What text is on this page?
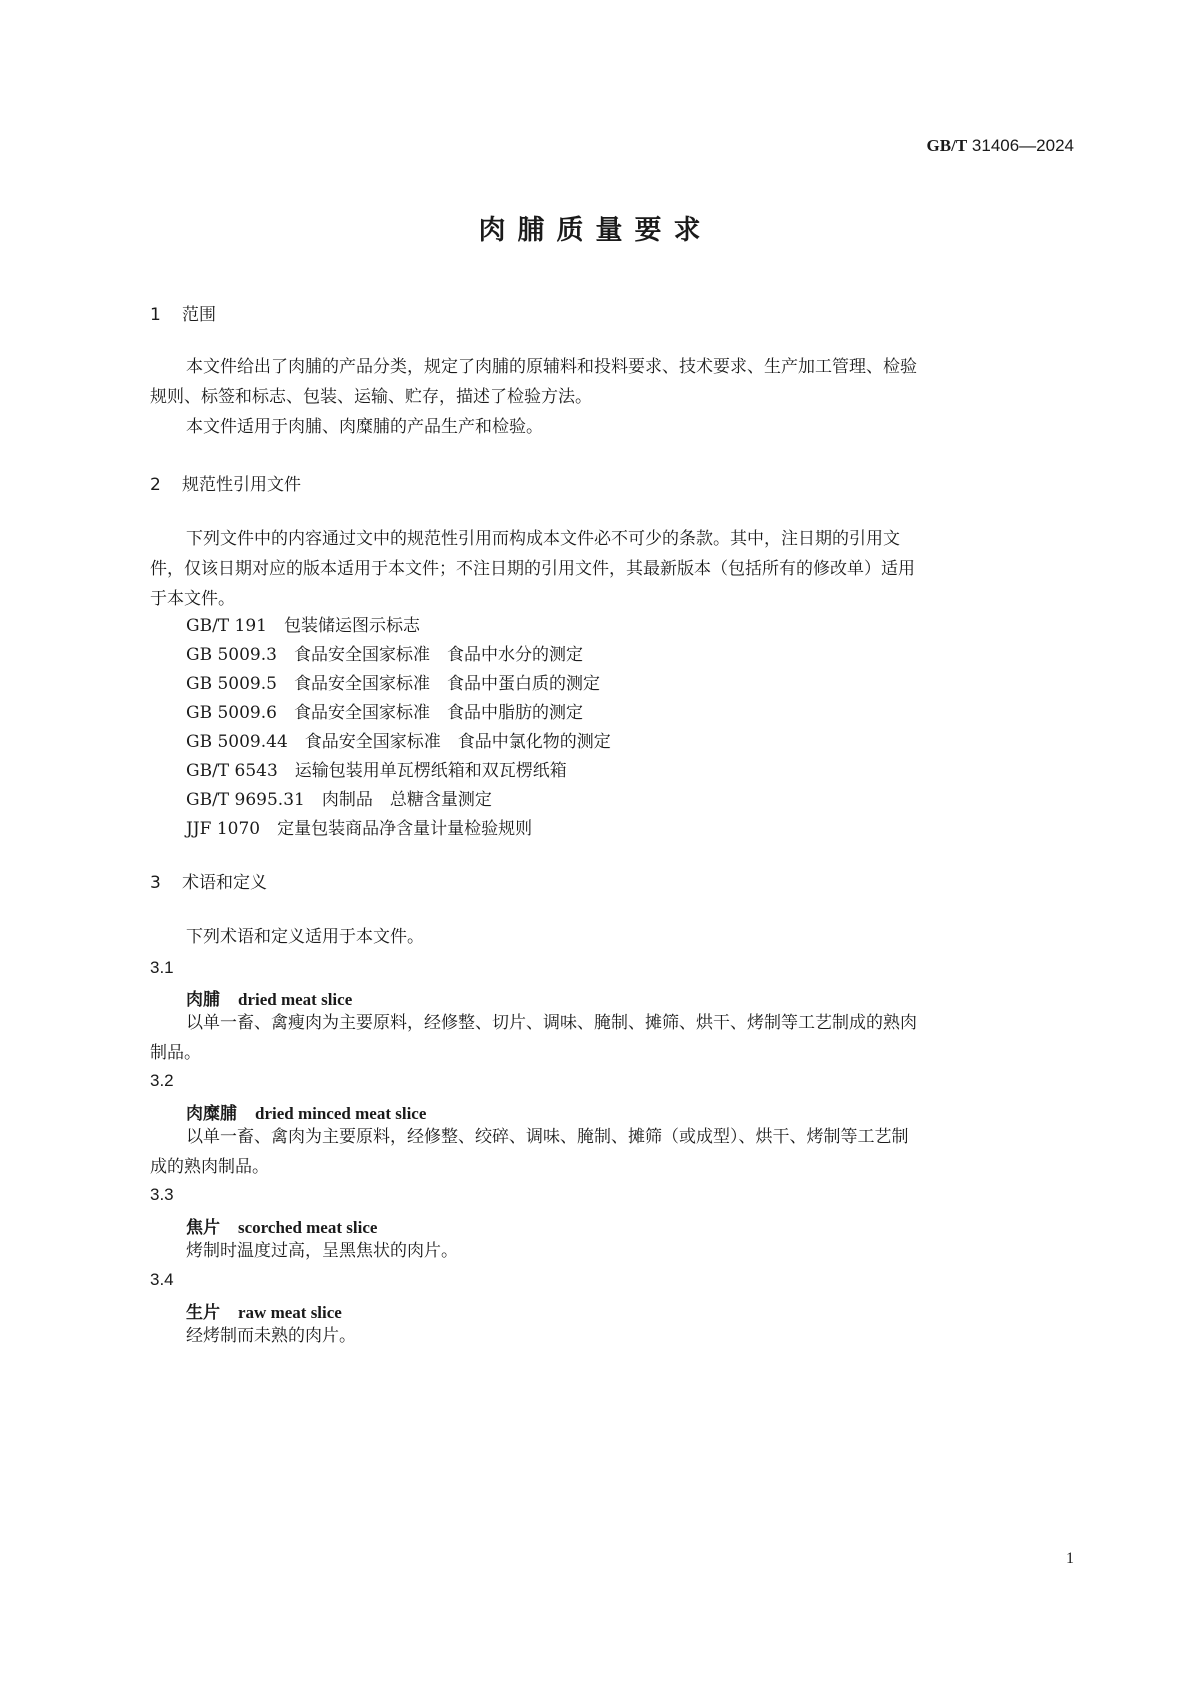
GB/T 31406—2024
肉脯质量要求
1 范围
本文件给出了肉脯的产品分类，规定了肉脯的原辅料和投料要求、技术要求、生产加工管理、检验
规则、标签和标志、包装、运输、贮存，描述了检验方法。
本文件适用于肉脯、肉糜脯的产品生产和检验。
2 规范性引用文件
下列文件中的内容通过文中的规范性引用而构成本文件必不可少的条款。其中，注日期的引用文
件，仅该日期对应的版本适用于本文件；不注日期的引用文件，其最新版本（包括所有的修改单）适用
于本文件。
GB/T 191　包装储运图示标志
GB 5009.3　食品安全国家标准　食品中水分的测定
GB 5009.5　食品安全国家标准　食品中蛋白质的测定
GB 5009.6　食品安全国家标准　食品中脂肪的测定
GB 5009.44　食品安全国家标准　食品中氯化物的测定
GB/T 6543　运输包装用单瓦楞纸箱和双瓦楞纸箱
GB/T 9695.31　肉制品　总糖含量测定
JJF 1070　定量包装商品净含量计量检验规则
3 术语和定义
下列术语和定义适用于本文件。
3.1
肉脯 dried meat slice
以单一畜、禽瘦肉为主要原料，经修整、切片、调味、腌制、摊筛、烘干、烤制等工艺制成的熟肉
制品。
3.2
肉糜脯 dried minced meat slice
以单一畜、禽肉为主要原料，经修整、绞碎、调味、腌制、摊筛（或成型）、烘干、烤制等工艺制
成的熟肉制品。
3.3
焦片 scorched meat slice
烤制时温度过高，呈黑焦状的肉片。
3.4
生片 raw meat slice
经烤制而未熟的肉片。
1
